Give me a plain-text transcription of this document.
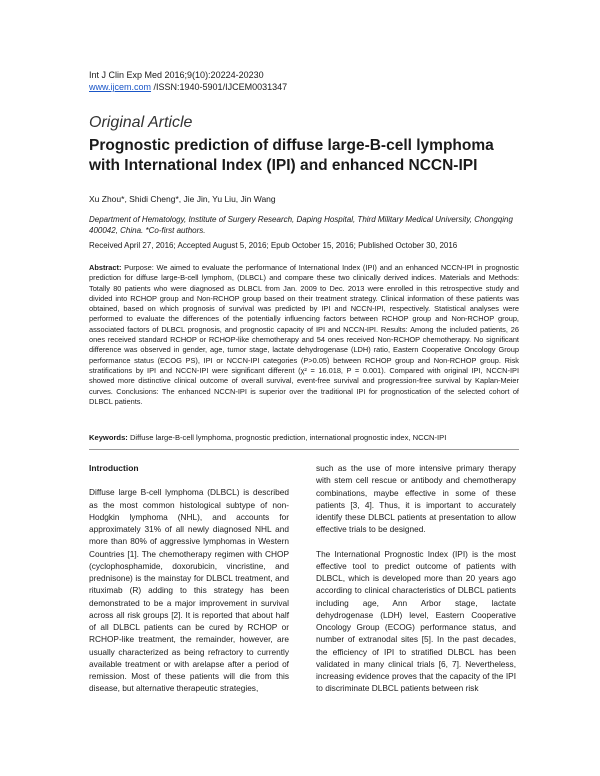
Int J Clin Exp Med 2016;9(10):20224-20230
www.ijcem.com /ISSN:1940-5901/IJCEM0031347
Original Article
Prognostic prediction of diffuse large-B-cell lymphoma with International Index (IPI) and enhanced NCCN-IPI
Xu Zhou*, Shidi Cheng*, Jie Jin, Yu Liu, Jin Wang
Department of Hematology, Institute of Surgery Research, Daping Hospital, Third Military Medical University, Chongqing 400042, China. *Co-first authors.
Received April 27, 2016; Accepted August 5, 2016; Epub October 15, 2016; Published October 30, 2016
Abstract: Purpose: We aimed to evaluate the performance of International Index (IPI) and an enhanced NCCN-IPI in prognostic prediction for diffuse large-B-cell lymphom, (DLBCL) and compare these two clinically derived indices. Materials and Methods: Totally 80 patients who were diagnosed as DLBCL from Jan. 2009 to Dec. 2013 were enrolled in this retrospective study and divided into RCHOP group and Non-RCHOP group based on their treatment strategy. Clinical information of these patients was obtained, based on which prognosis of survival was predicted by IPI and NCCN-IPI, respectively. Statistical analyses were performed to evaluate the differences of the potentially influencing factors between RCHOP group and Non-RCHOP group, associated factors of DLBCL prognosis, and prognostic capacity of IPI and NCCN-IPI. Results: Among the included patients, 26 ones received standard RCHOP or RCHOP-like chemotherapy and 54 ones received Non-RCHOP chemotherapy. No significant difference was observed in gender, age, tumor stage, lactate dehydrogenase (LDH) ratio, Eastern Cooperative Oncology Group performance status (ECOG PS), IPI or NCCN-IPI categories (P>0.05) between RCHOP group and Non-RCHOP group. Risk stratifications by IPI and NCCN-IPI were significant different (χ² = 16.018, P = 0.001). Compared with original IPI, NCCN-IPI showed more distinctive clinical outcome of overall survival, event-free survival and progression-free survival by Kaplan-Meier curves. Conclusions: The enhanced NCCN-IPI is superior over the traditional IPI for prognostication of the selected cohort of DLBCL patients.
Keywords: Diffuse large-B-cell lymphoma, prognostic prediction, international prognostic index, NCCN-IPI
Introduction
Diffuse large B-cell lymphoma (DLBCL) is described as the most common histological subtype of non-Hodgkin lymphoma (NHL), and accounts for approximately 31% of all newly diagnosed NHL and more than 80% of aggressive lymphomas in Western Countries [1]. The chemotherapy regimen with CHOP (cyclophosphamide, doxorubicin, vincristine, and prednisone) is the mainstay for DLBCL treatment, and rituximab (R) adding to this strategy has been demonstrated to be a major improvement in survival across all risk groups [2]. It is reported that about half of all DLBCL patients can be cured by RCHOP or RCHOP-like treatment, the remainder, however, are usually characterized as being refractory to currently available treatment or with arelapse after a period of remission. Most of these patients will die from this disease, but alternative therapeutic strategies,
such as the use of more intensive primary therapy with stem cell rescue or antibody and chemotherapy combinations, maybe effective in some of these patients [3, 4]. Thus, it is important to accurately identify these DLBCL patients at presentation to allow effective trials to be designed.
The International Prognostic Index (IPI) is the most effective tool to predict outcome of patients with DLBCL, which is developed more than 20 years ago according to clinical characteristics of DLBCL patients including age, Ann Arbor stage, lactate dehydrogenase (LDH) level, Eastern Cooperative Oncology Group (ECOG) performance status, and number of extranodal sites [5]. In the past decades, the efficiency of IPI to stratified DLBCL has been validated in many clinical trials [6, 7]. Nevertheless, increasing evidence proves that the capacity of the IPI to discriminate DLBCL patients between risk
